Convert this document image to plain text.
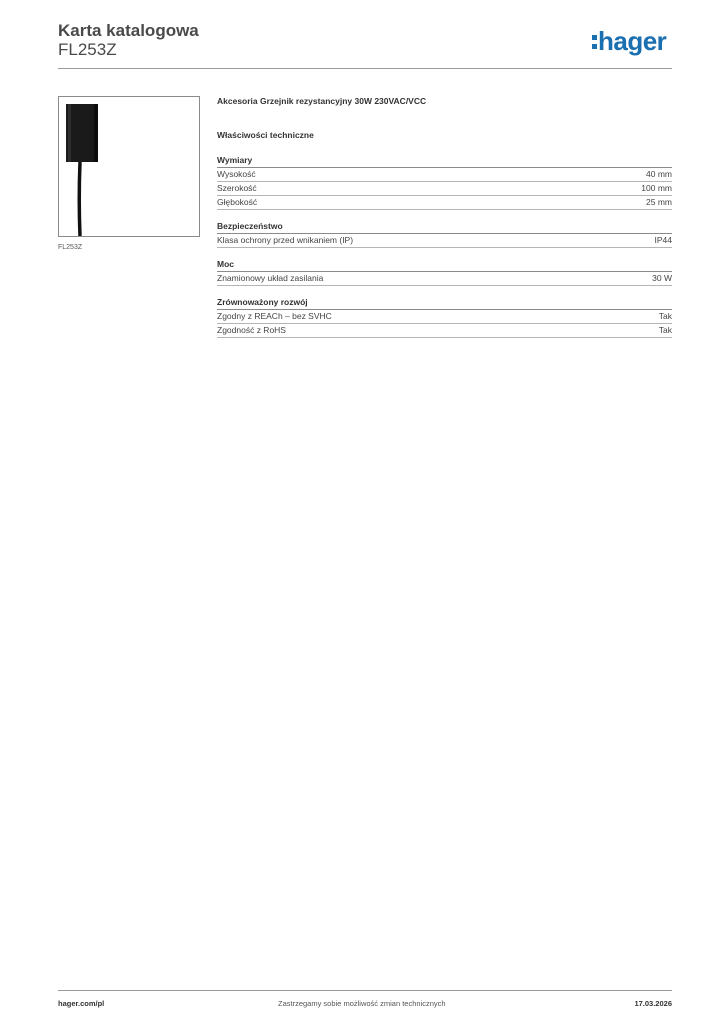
Karta katalogowa
FL253Z	hager
FL253Z
Akcesoria Grzejnik rezystancyjny 30W 230VAC/VCC
Właściwości techniczne
Wymiary
Wysokość	40 mm
Szerokość	100 mm
Głębokość	25 mm
Bezpieczeństwo
Klasa ochrony przed wnikaniem (IP)	IP44
Moc
Znamionowy układ zasilania	30 W
Zrównoważony rozwój
Zgodny z REACh – bez SVHC	Tak
Zgodność z RoHS	Tak
hager.com/pl	Zastrzegamy sobie możliwość zmian technicznych	17.03.2026
